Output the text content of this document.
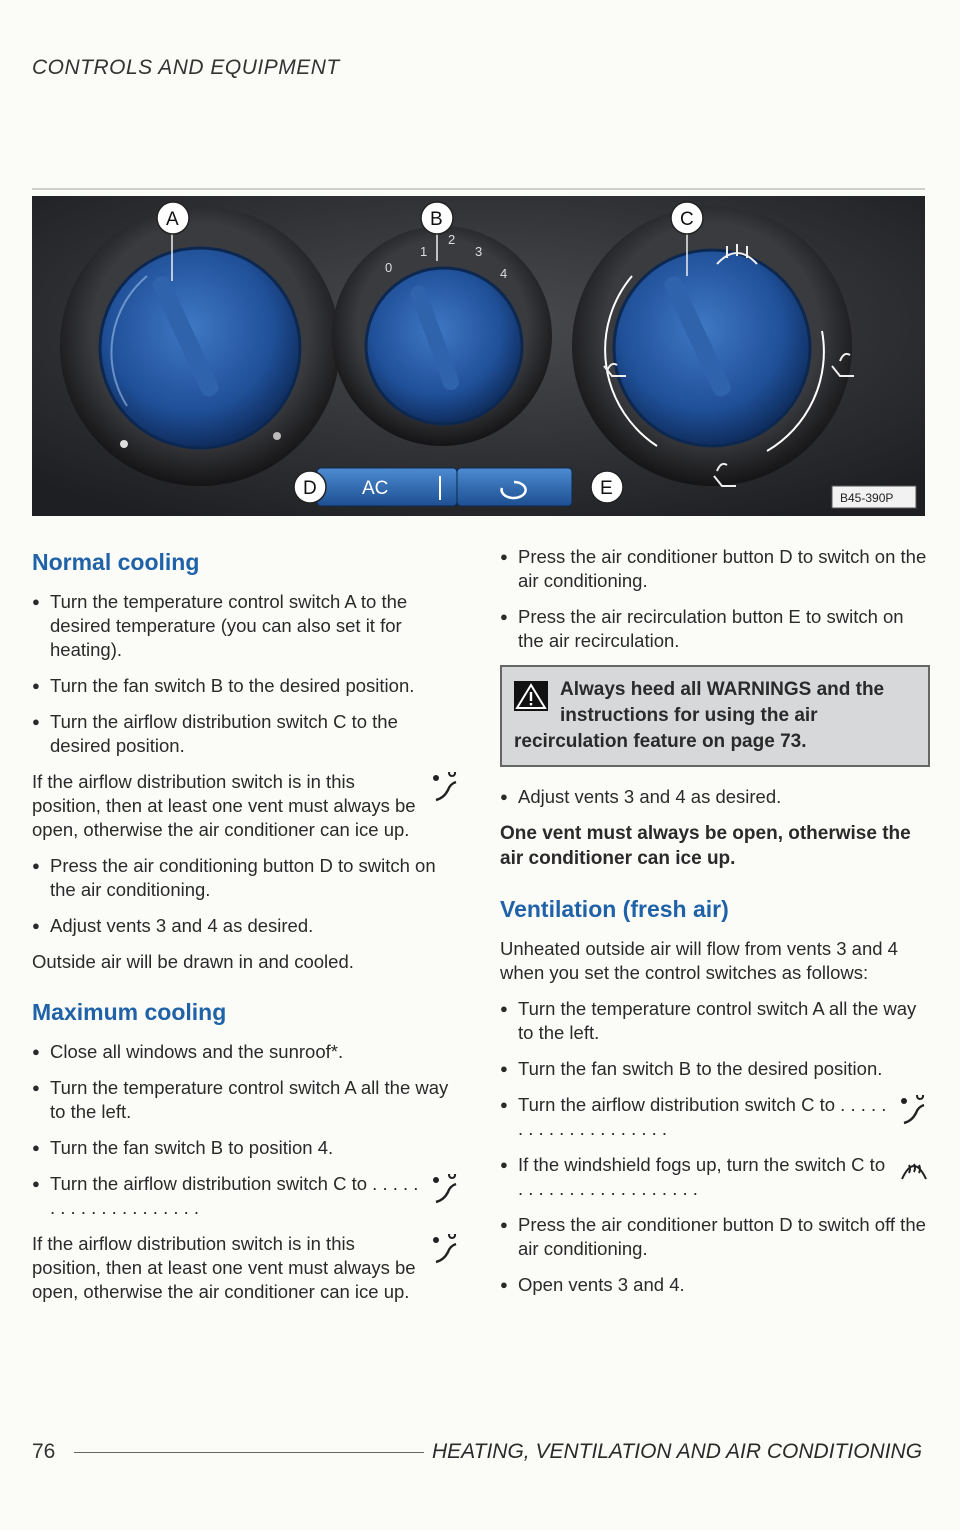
CONTROLS AND EQUIPMENT
0
1
2
3
4
AC
A	B	C
D	E	B45-390P
Normal cooling

● Turn the temperature control switch A to the desired temperature (you can also set it for heating).

● Turn the fan switch B to the desired position.

● Turn the airflow distribution switch C to the desired position.

If the airflow distribution switch is in this position, then at least one vent must always be open, otherwise the air conditioner can ice up.

● Press the air conditioning button D to switch on the air conditioning.

● Adjust vents 3 and 4 as desired.

Outside air will be drawn in and cooled.

Maximum cooling

● Close all windows and the sunroof*.

● Turn the temperature control switch A all the way to the left.

● Turn the fan switch B to position 4.

● Turn the airflow distribution switch C to . . . . . . . . . . . . . . . . . . . .

If the airflow distribution switch is in this position, then at least one vent must always be open, otherwise the air conditioner can ice up.

● Press the air conditioner button D to switch on the air conditioning.

● Press the air recirculation button E to switch on the air recirculation.

Always heed all WARNINGS and the instructions for using the air recirculation feature on page 73.

● Adjust vents 3 and 4 as desired.

One vent must always be open, otherwise the air conditioner can ice up.

Ventilation (fresh air)

Unheated outside air will flow from vents 3 and 4 when you set the control switches as follows:

● Turn the temperature control switch A all the way to the left.

● Turn the fan switch B to the desired position.

● Turn the airflow distribution switch C to . . . . . . . . . . . . . . . . . . . .
● If the windshield fogs up, turn the switch C to . . . . . . . . . . . . . . . . . .

● Press the air conditioner button D to switch off the air conditioning.

● Open vents 3 and 4.

76	HEATING, VENTILATION AND AIR CONDITIONING
